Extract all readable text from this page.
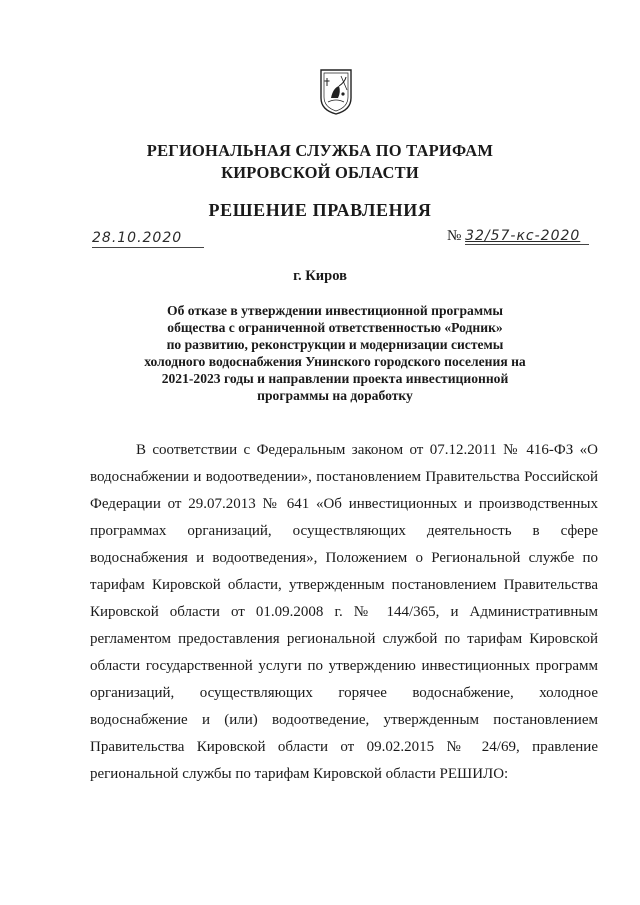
РЕГИОНАЛЬНАЯ СЛУЖБА ПО ТАРИФАМ
КИРОВСКОЙ ОБЛАСТИ
РЕШЕНИЕ ПРАВЛЕНИЯ
28.10.2020	№ 32/57-кс-2020
г. Киров
Об отказе в утверждении инвестиционной программы
общества с ограниченной ответственностью «Родник»
по развитию, реконструкции и модернизации системы
холодного водоснабжения Унинского городского поселения на
2021-2023 годы и направлении проекта инвестиционной
программы на доработку
В соответствии с Федеральным законом от 07.12.2011 № 416-ФЗ «О водоснабжении и водоотведении», постановлением Правительства Российской Федерации от 29.07.2013 № 641 «Об инвестиционных и производственных программах организаций, осуществляющих деятельность в сфере водоснабжения и водоотведения», Положением о Региональной службе по тарифам Кировской области, утвержденным постановлением Правительства Кировской области от 01.09.2008 г. № 144/365, и Административным регламентом предоставления региональной службой по тарифам Кировской области государственной услуги по утверждению инвестиционных программ организаций, осуществляющих горячее водоснабжение, холодное водоснабжение и (или) водоотведение, утвержденным постановлением Правительства Кировской области от 09.02.2015 № 24/69, правление региональной службы по тарифам Кировской области РЕШИЛО:
